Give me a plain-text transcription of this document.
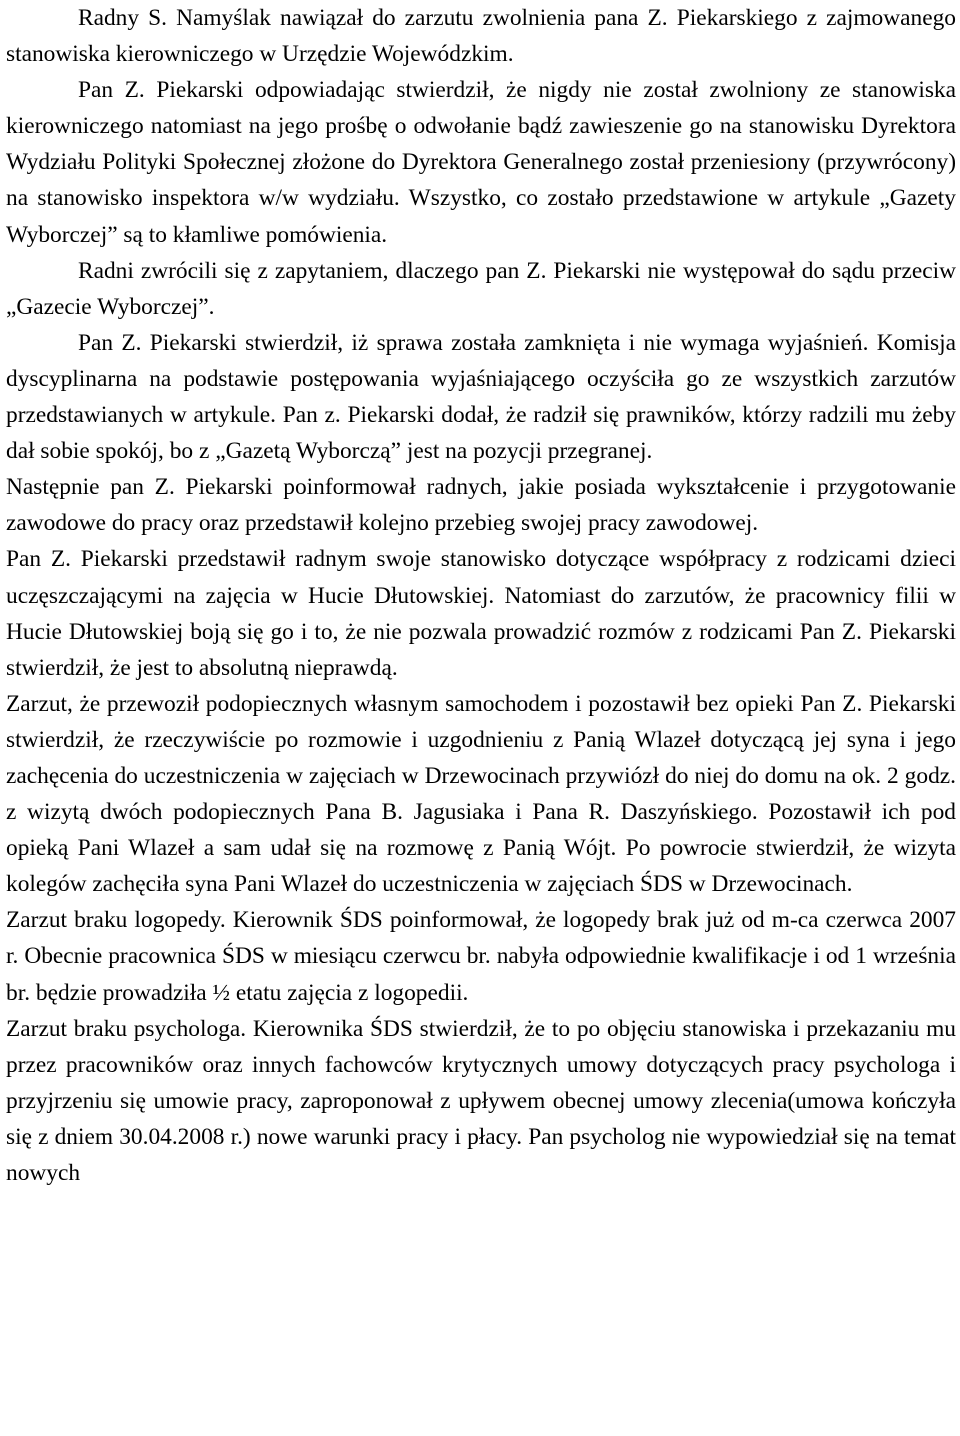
Radny S. Namyślak nawiązał do zarzutu zwolnienia pana Z. Piekarskiego z zajmowanego stanowiska kierowniczego w Urzędzie Wojewódzkim.

Pan Z. Piekarski odpowiadając stwierdził, że nigdy nie został zwolniony ze stanowiska kierowniczego natomiast na jego prośbę o odwołanie bądź zawieszenie go na stanowisku Dyrektora Wydziału Polityki Społecznej złożone do Dyrektora Generalnego został przeniesiony (przywrócony) na stanowisko inspektora w/w wydziału. Wszystko, co zostało przedstawione w artykule „Gazety Wyborczej” są to kłamliwe pomówienia.

Radni zwrócili się z zapytaniem, dlaczego pan Z. Piekarski nie występował do sądu przeciw „Gazecie Wyborczej”.

Pan Z. Piekarski stwierdził, iż sprawa została zamknięta i nie wymaga wyjaśnień. Komisja dyscyplinarna na podstawie postępowania wyjaśniającego oczyściła go ze wszystkich zarzutów przedstawianych w artykule. Pan z. Piekarski dodał, że radził się prawników, którzy radzili mu żeby dał sobie spokój, bo z „Gazetą Wyborczą” jest na pozycji przegranej.

Następnie pan Z. Piekarski poinformował radnych, jakie posiada wykształcenie i przygotowanie zawodowe do pracy oraz przedstawił kolejno przebieg swojej pracy zawodowej.

Pan Z. Piekarski przedstawił radnym swoje stanowisko dotyczące współpracy z rodzicami dzieci uczęszczającymi na zajęcia w Hucie Dłutowskiej. Natomiast do zarzutów, że pracownicy filii w Hucie Dłutowskiej boją się go i to, że nie pozwala prowadzić rozmów z rodzicami Pan Z. Piekarski stwierdził, że jest to absolutną nieprawdą.

Zarzut, że przewoził podopiecznych własnym samochodem i pozostawił bez opieki Pan Z. Piekarski stwierdził, że rzeczywiście po rozmowie i uzgodnieniu z Panią Wlazeł dotyczącą jej syna i jego zachęcenia do uczestniczenia w zajęciach w Drzewocinach przywiózł do niej do domu na ok. 2 godz. z wizytą dwóch podopiecznych Pana B. Jagusiaka i Pana R. Daszyńskiego. Pozostawił ich pod opieką Pani Wlazeł a sam udał się na rozmowę z Panią Wójt. Po powrocie stwierdził, że wizyta kolegów zachęciła syna Pani Wlazeł do uczestniczenia w zajęciach ŚDS w Drzewocinach.

Zarzut braku logopedy. Kierownik ŚDS poinformował, że logopedy brak już od m-ca czerwca 2007 r. Obecnie pracownica ŚDS w miesiącu czerwcu br. nabyła odpowiednie kwalifikacje i od 1 września br. będzie prowadziła ½ etatu zajęcia z logopedii.

Zarzut braku psychologa. Kierownika ŚDS stwierdził, że to po objęciu stanowiska i przekazaniu mu przez pracowników oraz innych fachowców krytycznych umowy dotyczących pracy psychologa i przyjrzeniu się umowie pracy, zaproponował z upływem obecnej umowy zlecenia(umowa kończyła się z dniem 30.04.2008 r.) nowe warunki pracy i płacy. Pan psycholog nie wypowiedział się na temat nowych
